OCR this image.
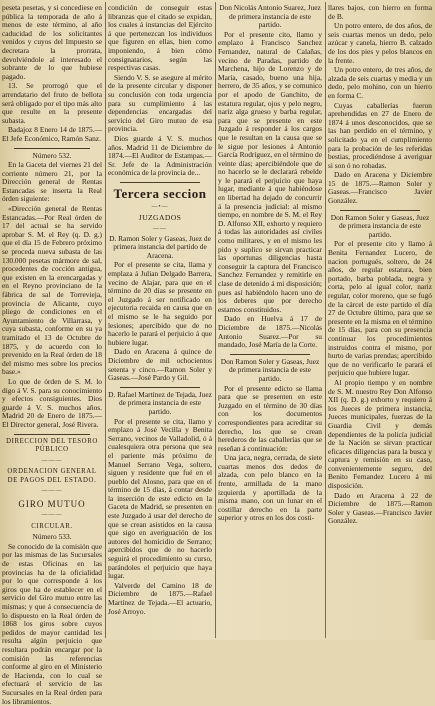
peseta pesetas, y si concediese en pública la temporada de año á menos de este término, al año caducidad de los solicitantes venidos y cuyos del Impuesto se decretara la prorrata, devolviéndole al interesado el sobrante de lo que hubiese pagado.

13. Se prorrogó que el arrendatario del fruto de bellota será obligado por el tipo más alto que resulte en la presente subasta.

Badajoz 8 Enero 14 de 1875.—El Jefe Económico, Ramón Sanz.

Número 532.

En la Gaceta del viernes 21 del corriente número 21, por la Dirección general de Rentas Estancadas se inserta la Real órden siguiente:

«Dirección general de Rentas Estancadas.—Por Real órden de 17 del actual se ha servido aprobar S. M. el Rey (q. D. g.) que el día 15 de Febrero próximo se proceda nueva subasta de las 130.000 pesetas mármore de sal, procedentes de cocción antigua, que existen en la erencargadas y en el Reyno provinciano de la fábrica de sal de Torrevieja, provincia de Alicante, cuyo pliego de condiciones en el Ayuntamiento de Villarrasa, y cuya subasta, conforme en su ya tramitado el 13 de Octubre de 1875, y de acuerdo con lo prevenido en la Real órden de 18 del mismo mes sobre los precios base.»

Lo que de órden de S. M. lo digo á V. S. para su conocimiento y efectos consiguientes. Dios guarde á V. S. muchos años. Madrid 20 de Enero de 1875.—El Director general, José Rivera.

DIRECCION DEL TESORO PÚBLICO

———

ORDENACION GENERAL DE PAGOS DEL ESTADO.

———

GIRO MUTUO

———

CIRCULAR.

Número 533.

Se conocido de la comisión que por las mismas de las Sucursales de estas Oficinas en las provincias ha de la oficialidad por lo que corresponde á los giros que ha de establecer en el servicio del Giro mutuo entre las mismas; y que á consecuencia de lo dispuesto en la Real órden de 1868 los giros sobre cuyos pedidos de mayor cantidad les resulta algún perjuicio que resultara podrán encargar por la comisión las referencias conforme al giro en el Ministerio de Hacienda, con lo cual se efectuará el servicio de las Sucursales en la Real órden para los libramientos.

condición de conseguir estas libranzas que el citado se expidan, los cuales á instancias del Ejército á que pertenezcan los individuos que figuren en ellas, bien como imponiendo, á bien cómo consignatarios, según las respectivas casas.

Siendo V. S. se asegure al mérito de la presente circular y disponer su conclusión con toda urgencia para su cumplimiento á las dependencias encargadas del servicio del Giro mutuo de esa provincia.

Dios guarde á V. S. muchos años. Madrid 11 de Diciembre de 1874.—El Auditor de Estampas.—Sr. Jefe de la Administración económica de la provincia de...

Tercera seccion

—•—

JUZGADOS

——

D. Ramon Soler y Gaseas, Juez de primera instancia del partido de Aracena.

Por el presente se cita, llama y emplaza á Julian Delgado Barrera, vecino de Alajar, para que en el término de 20 días se presente en el Juzgado á ser notificado en ejecutoria recaida en causa que en el mismo se le ha seguido por lesiones; apercibido que de no hacerlo le parará el perjuicio á que hubiere lugar.

Dado en Aracena á quince de Diciembre de mil ochocientos setenta y cinco.—Ramon Soler y Gaseas.—José Pardo y Gil.

D. Rafael Martínez de Tejada, Juez de primera instancia de este partido.

Por el presente se cita, llamo y emplazo á José Vecilla y Benita Serrano, vecinos de Valladolid, ó á cualesquiera otra persona que sea el pariente más próximo de Manuel Serrano Vega, soltero, siguen y residente que fué en el pueblo del Alosno, para que en el término de 15 días, á contar desde la inserción de este edicto en la Gaceta de Madrid, se presenten en este Juzgado á usar del derecho de que se crean asistidos en la causa que sigo en averiguación de los autores del homicidio de Serrano; apercibidos que de no hacerlo seguirá el procedimiento su curso, parándoles el perjuicio que haya lugar.

Valverde del Camino 18 de Diciembre de 1875.—Rafael Martínez de Tejada.—El actuario, José Arroyo.

Don Nicolás Antonio Suarez, Juez de primera instancia de este partido.

Por el presente cito, llamo y emplazo á Francisco Sanchez Fernandez, natural de Calañas, vecino de Paradas, partido de Marchena, hijo de Lorenzo y de María, casado, bueno una hija, herrero, de 35 años, y se comunico por el apodo de Ganchito, de estatura regular, ojos y pelo negro, nariz alga grueso y barba regular, para que se presente en este Juzgado á responder á los cargos que le resultan en la causa que se le sigue por lesiones á Antonio García Rodríguez, en el término de veinte días; apercibiéndole que de no hacerlo se le declarará rebelde y le parará el perjuicio que haya lugar, mediante á que habiéndose en libertad ha dejado de concurrir á la presencia judicial: al mismo tiempo, en nombre de S. M. el Rey D. Alfonso XII, exhorto y requiero á todas las autoridades así civiles como militares, y en el mismo les pido y suplico se sirvan practicar las oportunas diligencias hasta conseguir la captura del Francisco Sanchez Fernandez y remitirle en clase de detenido á mi disposición; pues así habiéndolo hacen uno de los deberes que por derecho estamos constituidos.

Dado en Huelva á 17 de Diciembre de 1875.—Nicolás Antonio Suarez.—Por su mandado, José María de la Corte.

Don Ramon Soler y Gaseas, Juez de primera instancia de este partido.

Por el presente edicto se llama para que se presenten en este Juzgado en el término de 30 días con los documentos correspondientes para acreditar su derecho, los que se crean herederos de las caballerías que se reseñan á continuación:

Una jaca, negra, cerrada, de siete cuartas menos dos dedos de alzada, con pelo blanco en la frente, armillada de la mano izquierda y aportillada de la misma mano, con un lunar en el costillar derecho en la parte superior y otros en los dos costi-

llares bajos, con hierro en forma de B.

Un potro entero, de dos años, de seis cuartas menos un dedo, pelo azúcar y canela, hierro B. calzado de los dos pies y pelos blancos en la frente.

Un potro entero, de tres años, de alzada de seis cuartas y media y un dedo, pelo mohino, con un hierro en forma C.

Cuyas caballerías fueron aprehendidas en 27 de Enero de 1874 á unos desconocidos, que se las han perdido en el término, y solicitado ya en el cumplimiento para la probación de les referidas bestias, procediéndose á averiguar si son ó no robadas.

Dado en Aracena y Diciembre 15 de 1875.—Ramon Soler y Gaseas.—Francisco Javier González.

Don Ramon Soler y Gaseas, Juez de primera instancia de este partido.

Por el presente cito y llamo á Benita Fernandez Lucero, de nacion portugués, soltero, de 24 años, de regular estatura, bien portado, barba poblada, negra y corta, pelo al igual color, nariz regular, color moreno, que se fugó de la cárcel de este partido el día 27 de Octubre último, para que se presente en la misma en el término de 15 días, para con su presencia continuar los procedimientos instruidos contra el mismo, por hurto de varias prendas; apercibido que de no verificarlo le parará el perjuicio que hubiere lugar.

Al propio tiempo y en nombre de S. M. nuestro Rey Don Alfonso XII (q. D. g.) exhorto y requiero á los Jueces de primera instancia, Jueces municipales, fuerzas de la Guardia Civil y demás dependientes de la policía judicial de la Nación se sirvan practicar eficaces diligencias para la busca y captura y remisión en su caso, convenientemente seguro, del Benito Fernandez Lucero á mi disposición.

Dado en Aracena á 22 de Diciembre de 1875.—Ramon Soler y Gaseas.—Francisco Javier González.
